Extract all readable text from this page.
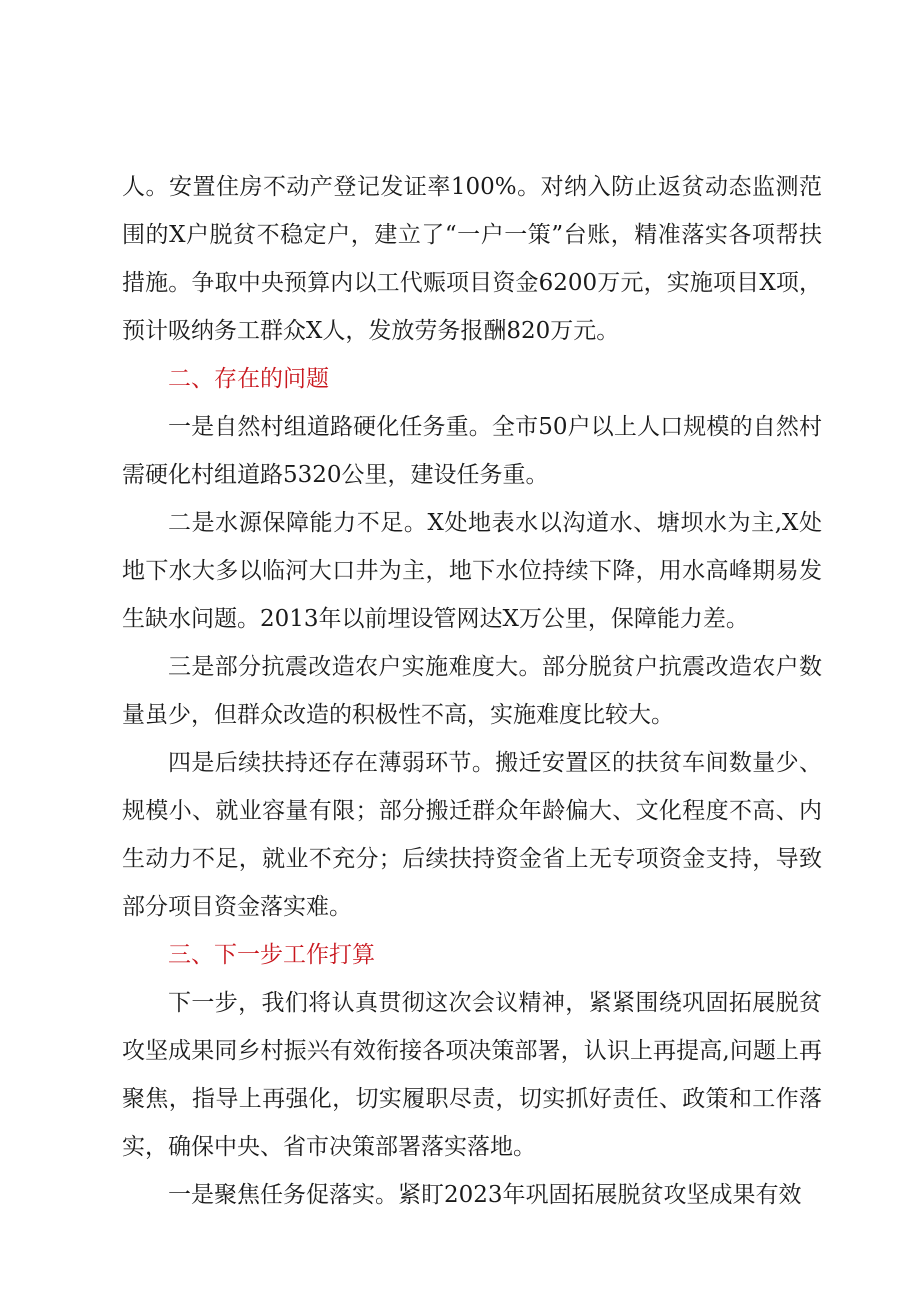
人。安置住房不动产登记发证率100%。对纳入防止返贫动态监测范围的X户脱贫不稳定户，建立了“一户一策”台账，精准落实各项帮扶措施。争取中央预算内以工代赈项目资金6200万元，实施项目X项，预计吸纳务工群众X人，发放劳务报酬820万元。

二、存在的问题

一是自然村组道路硬化任务重。全市50户以上人口规模的自然村需硬化村组道路5320公里，建设任务重。

二是水源保障能力不足。X处地表水以沟道水、塘坝水为主,X处地下水大多以临河大口井为主，地下水位持续下降，用水高峰期易发生缺水问题。2013年以前埋设管网达X万公里，保障能力差。

三是部分抗震改造农户实施难度大。部分脱贫户抗震改造农户数量虽少，但群众改造的积极性不高，实施难度比较大。

四是后续扶持还存在薄弱环节。搬迁安置区的扶贫车间数量少、规模小、就业容量有限；部分搬迁群众年龄偏大、文化程度不高、内生动力不足，就业不充分；后续扶持资金省上无专项资金支持，导致部分项目资金落实难。

三、下一步工作打算

下一步，我们将认真贯彻这次会议精神，紧紧围绕巩固拓展脱贫攻坚成果同乡村振兴有效衔接各项决策部署，认识上再提高,问题上再聚焦，指导上再强化，切实履职尽责，切实抓好责任、政策和工作落实，确保中央、省市决策部署落实落地。

一是聚焦任务促落实。紧盯2023年巩固拓展脱贫攻坚成果有效
